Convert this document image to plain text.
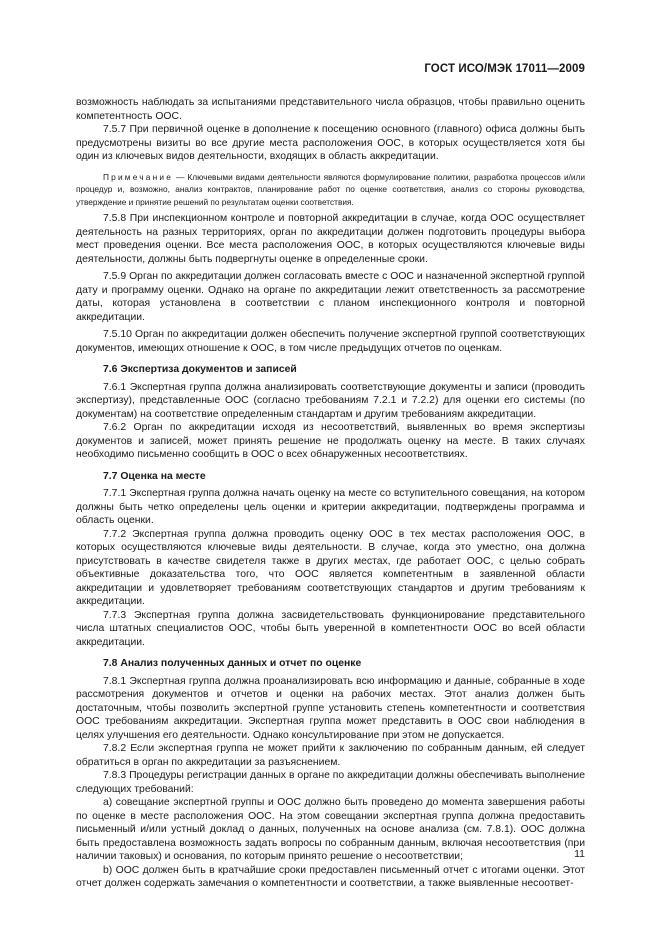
ГОСТ ИСО/МЭК 17011—2009

возможность наблюдать за испытаниями представительного числа образцов, чтобы правильно оценить компетентность ООС.

7.5.7 При первичной оценке в дополнение к посещению основного (главного) офиса должны быть предусмотрены визиты во все другие места расположения ООС, в которых осуществляется хотя бы один из ключевых видов деятельности, входящих в область аккредитации.

Примечание — Ключевыми видами деятельности являются формулирование политики, разработка процессов и/или процедур и, возможно, анализ контрактов, планирование работ по оценке соответствия, анализ со стороны руководства, утверждение и принятие решений по результатам оценки соответствия.

7.5.8 При инспекционном контроле и повторной аккредитации в случае, когда ООС осуществляет деятельность на разных территориях, орган по аккредитации должен подготовить процедуры выбора мест проведения оценки. Все места расположения ООС, в которых осуществляются ключевые виды деятельности, должны быть подвергнуты оценке в определенные сроки.

7.5.9 Орган по аккредитации должен согласовать вместе с ООС и назначенной экспертной группой дату и программу оценки. Однако на органе по аккредитации лежит ответственность за рассмотрение даты, которая установлена в соответствии с планом инспекционного контроля и повторной аккредитации.

7.5.10 Орган по аккредитации должен обеспечить получение экспертной группой соответствующих документов, имеющих отношение к ООС, в том числе предыдущих отчетов по оценкам.

7.6 Экспертиза документов и записей

7.6.1 Экспертная группа должна анализировать соответствующие документы и записи (проводить экспертизу), представленные ООС (согласно требованиям 7.2.1 и 7.2.2) для оценки его системы (по документам) на соответствие определенным стандартам и другим требованиям аккредитации.

7.6.2 Орган по аккредитации исходя из несоответствий, выявленных во время экспертизы документов и записей, может принять решение не продолжать оценку на месте. В таких случаях необходимо письменно сообщить в ООС о всех обнаруженных несоответствиях.

7.7 Оценка на месте

7.7.1 Экспертная группа должна начать оценку на месте со вступительного совещания, на котором должны быть четко определены цель оценки и критерии аккредитации, подтверждены программа и область оценки.

7.7.2 Экспертная группа должна проводить оценку ООС в тех местах расположения ООС, в которых осуществляются ключевые виды деятельности. В случае, когда это уместно, она должна присутствовать в качестве свидетеля также в других местах, где работает ООС, с целью собрать объективные доказательства того, что ООС является компетентным в заявленной области аккредитации и удовлетворяет требованиям соответствующих стандартов и другим требованиям к аккредитации.

7.7.3 Экспертная группа должна засвидетельствовать функционирование представительного числа штатных специалистов ООС, чтобы быть уверенной в компетентности ООС во всей области аккредитации.

7.8 Анализ полученных данных и отчет по оценке

7.8.1 Экспертная группа должна проанализировать всю информацию и данные, собранные в ходе рассмотрения документов и отчетов и оценки на рабочих местах. Этот анализ должен быть достаточным, чтобы позволить экспертной группе установить степень компетентности и соответствия ООС требованиям аккредитации. Экспертная группа может представить в ООС свои наблюдения в целях улучшения его деятельности. Однако консультирование при этом не допускается.

7.8.2 Если экспертная группа не может прийти к заключению по собранным данным, ей следует обратиться в орган по аккредитации за разъяснением.

7.8.3 Процедуры регистрации данных в органе по аккредитации должны обеспечивать выполнение следующих требований:

а) совещание экспертной группы и ООС должно быть проведено до момента завершения работы по оценке в месте расположения ООС. На этом совещании экспертная группа должна предоставить письменный и/или устный доклад о данных, полученных на основе анализа (см. 7.8.1). ООС должна быть предоставлена возможность задать вопросы по собранным данным, включая несоответствия (при наличии таковых) и основания, по которым принято решение о несоответствии;

b) ООС должен быть в кратчайшие сроки предоставлен письменный отчет с итогами оценки. Этот отчет должен содержать замечания о компетентности и соответствии, а также выявленные несоответ-

11
